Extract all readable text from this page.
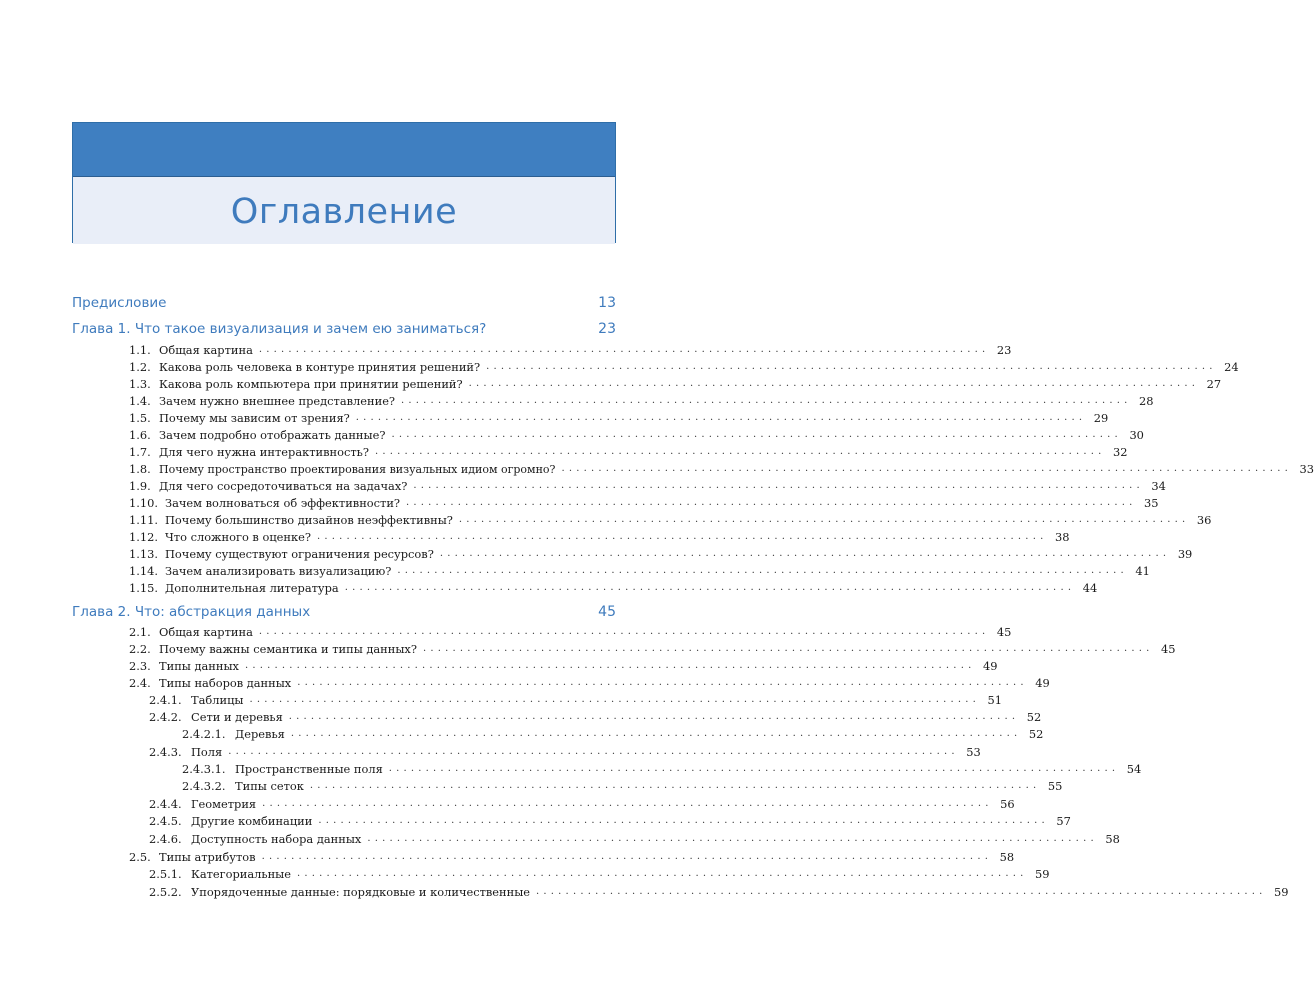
Оглавление
Предисловие	13
Глава 1. Что такое визуализация и зачем ею заниматься?	23
1.1. Общая картина ................................................................................................... 23
1.2. Какова роль человека в контуре принятия решений? ................................................................................................... 24
1.3. Какова роль компьютера при принятии решений? ................................................................................................... 27
1.4. Зачем нужно внешнее представление? ................................................................................................... 28
1.5. Почему мы зависим от зрения? ................................................................................................... 29
1.6. Зачем подробно отображать данные? ................................................................................................... 30
1.7. Для чего нужна интерактивность? ................................................................................................... 32
1.8. Почему пространство проектирования визуальных идиом огромно? ................................................................................................... 33
1.9. Для чего сосредоточиваться на задачах? ................................................................................................... 34
1.10. Зачем волноваться об эффективности? ................................................................................................... 35
1.11. Почему большинство дизайнов неэффективны? ................................................................................................... 36
1.12. Что сложного в оценке? ................................................................................................... 38
1.13. Почему существуют ограничения ресурсов? ................................................................................................... 39
1.14. Зачем анализировать визуализацию? ................................................................................................... 41
1.15. Дополнительная литература ................................................................................................... 44
Глава 2. Что: абстракция данных	45
2.1. Общая картина ................................................................................................... 45
2.2. Почему важны семантика и типы данных? ................................................................................................... 45
2.3. Типы данных ................................................................................................... 49
2.4. Типы наборов данных ................................................................................................... 49
2.4.1. Таблицы ................................................................................................... 51
2.4.2. Сети и деревья ................................................................................................... 52
2.4.2.1. Деревья ................................................................................................... 52
2.4.3. Поля ................................................................................................... 53
2.4.3.1. Пространственные поля ................................................................................................... 54
2.4.3.2. Типы сеток ................................................................................................... 55
2.4.4. Геометрия ................................................................................................... 56
2.4.5. Другие комбинации ................................................................................................... 57
2.4.6. Доступность набора данных ................................................................................................... 58
2.5. Типы атрибутов ................................................................................................... 58
2.5.1. Категориальные ................................................................................................... 59
2.5.2. Упорядоченные данные: порядковые и количественные ................................................................................................... 59
